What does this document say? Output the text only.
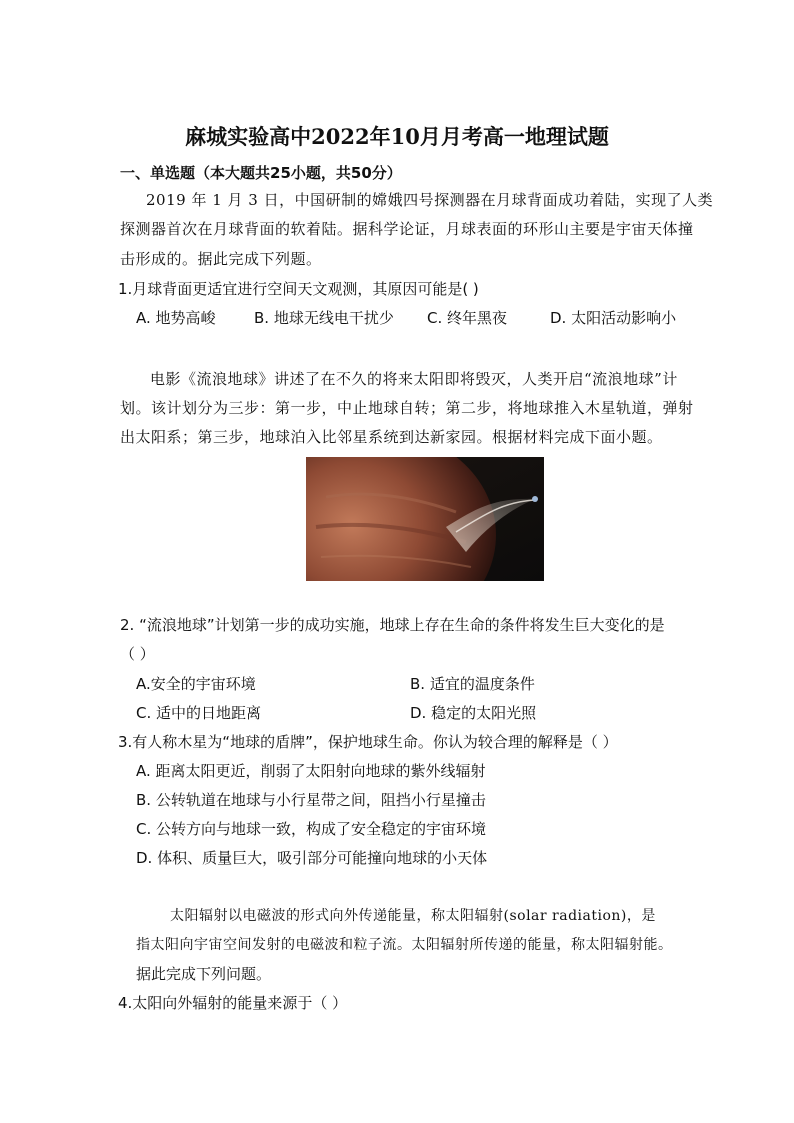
麻城实验高中2022年10月月考高一地理试题
一、单选题（本大题共25小题，共50分）
2019 年 1 月 3 日，中国研制的嫦娥四号探测器在月球背面成功着陆，实现了人类
探测器首次在月球背面的软着陆。据科学论证，月球表面的环形山主要是宇宙天体撞
击形成的。据此完成下列题。
1.月球背面更适宜进行空间天文观测，其原因可能是( )
A. 地势高峻	B. 地球无线电干扰少 C. 终年黑夜	D. 太阳活动影响小
电影《流浪地球》讲述了在不久的将来太阳即将毁灭，人类开启“流浪地球”计
划。该计划分为三步：第一步，中止地球自转；第二步，将地球推入木星轨道，弹射
出太阳系；第三步，地球泊入比邻星系统到达新家园。根据材料完成下面小题。
2. “流浪地球”计划第一步的成功实施，地球上存在生命的条件将发生巨大变化的是
（ ）
A.安全的宇宙环境	B. 适宜的温度条件
C. 适中的日地距离	D. 稳定的太阳光照
3.有人称木星为“地球的盾牌”，保护地球生命。你认为较合理的解释是（ ）
A. 距离太阳更近，削弱了太阳射向地球的紫外线辐射
B. 公转轨道在地球与小行星带之间，阻挡小行星撞击
C. 公转方向与地球一致，构成了安全稳定的宇宙环境
D. 体积、质量巨大，吸引部分可能撞向地球的小天体
太阳辐射以电磁波的形式向外传递能量，称太阳辐射(solar radiation)，是
指太阳向宇宙空间发射的电磁波和粒子流。太阳辐射所传递的能量，称太阳辐射能。
据此完成下列问题。
4.太阳向外辐射的能量来源于（ ）
